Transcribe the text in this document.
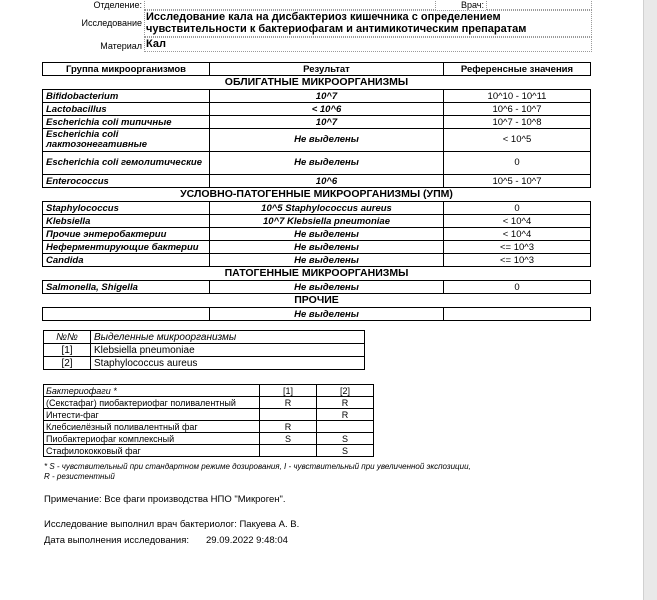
Отделение:	Врач:
Исследование Исследование кала на дисбактериоз кишечника с определением чувствительности к бактериофагам и антимикотическим препаратам
Материал Кал
Группа микроорганизмов	Результат	Референсные значения
ОБЛИГАТНЫЕ МИКРООРГАНИЗМЫ		
Bifidobacterium	10^7	10^10 - 10^11
Lactobacillus	< 10^6	10^6 - 10^7
Escherichia coli типичные	10^7	10^7 - 10^8
Escherichia coli лактозонегативные	Не выделены	< 10^5
Escherichia coli гемолитические	Не выделены	0
Enterococcus	10^6	10^5 - 10^7
УСЛОВНО-ПАТОГЕННЫЕ МИКРООРГАНИЗМЫ (УПМ)		
Staphylococcus	10^5 Staphylococcus aureus	0
Klebsiella	10^7 Klebsiella pneumoniae	< 10^4
Прочие энтеробактерии	Не выделены	< 10^4
Неферментирующие бактерии	Не выделены	<= 10^3
Candida	Не выделены	<= 10^3
ПАТОГЕННЫЕ МИКРООРГАНИЗМЫ		
Salmonella, Shigella	Не выделены	0
ПРОЧИЕ		
	Не выделены	
№№	Выделенные микроорганизмы
[1]	Klebsiella pneumoniae
[2]	Staphylococcus aureus
Бактериофаги *	[1]	[2]
(Секстафаг) пиобактериофаг поливалентный	R	R
Интести-фаг		R
Клебсиелёзный поливалентный фаг	R	
Пиобактериофаг комплексный	S	S
Стафилококковый фаг		S
* S - чувствительный при стандартном режиме дозирования, I - чувствительный при увеличенной экспозиции,
R - резистентный
Примечание: Все фаги производства НПО "Микроген".
Исследование выполнил врач бактериолог: Пакуева А. В.
Дата выполнения исследования: 29.09.2022 9:48:04
